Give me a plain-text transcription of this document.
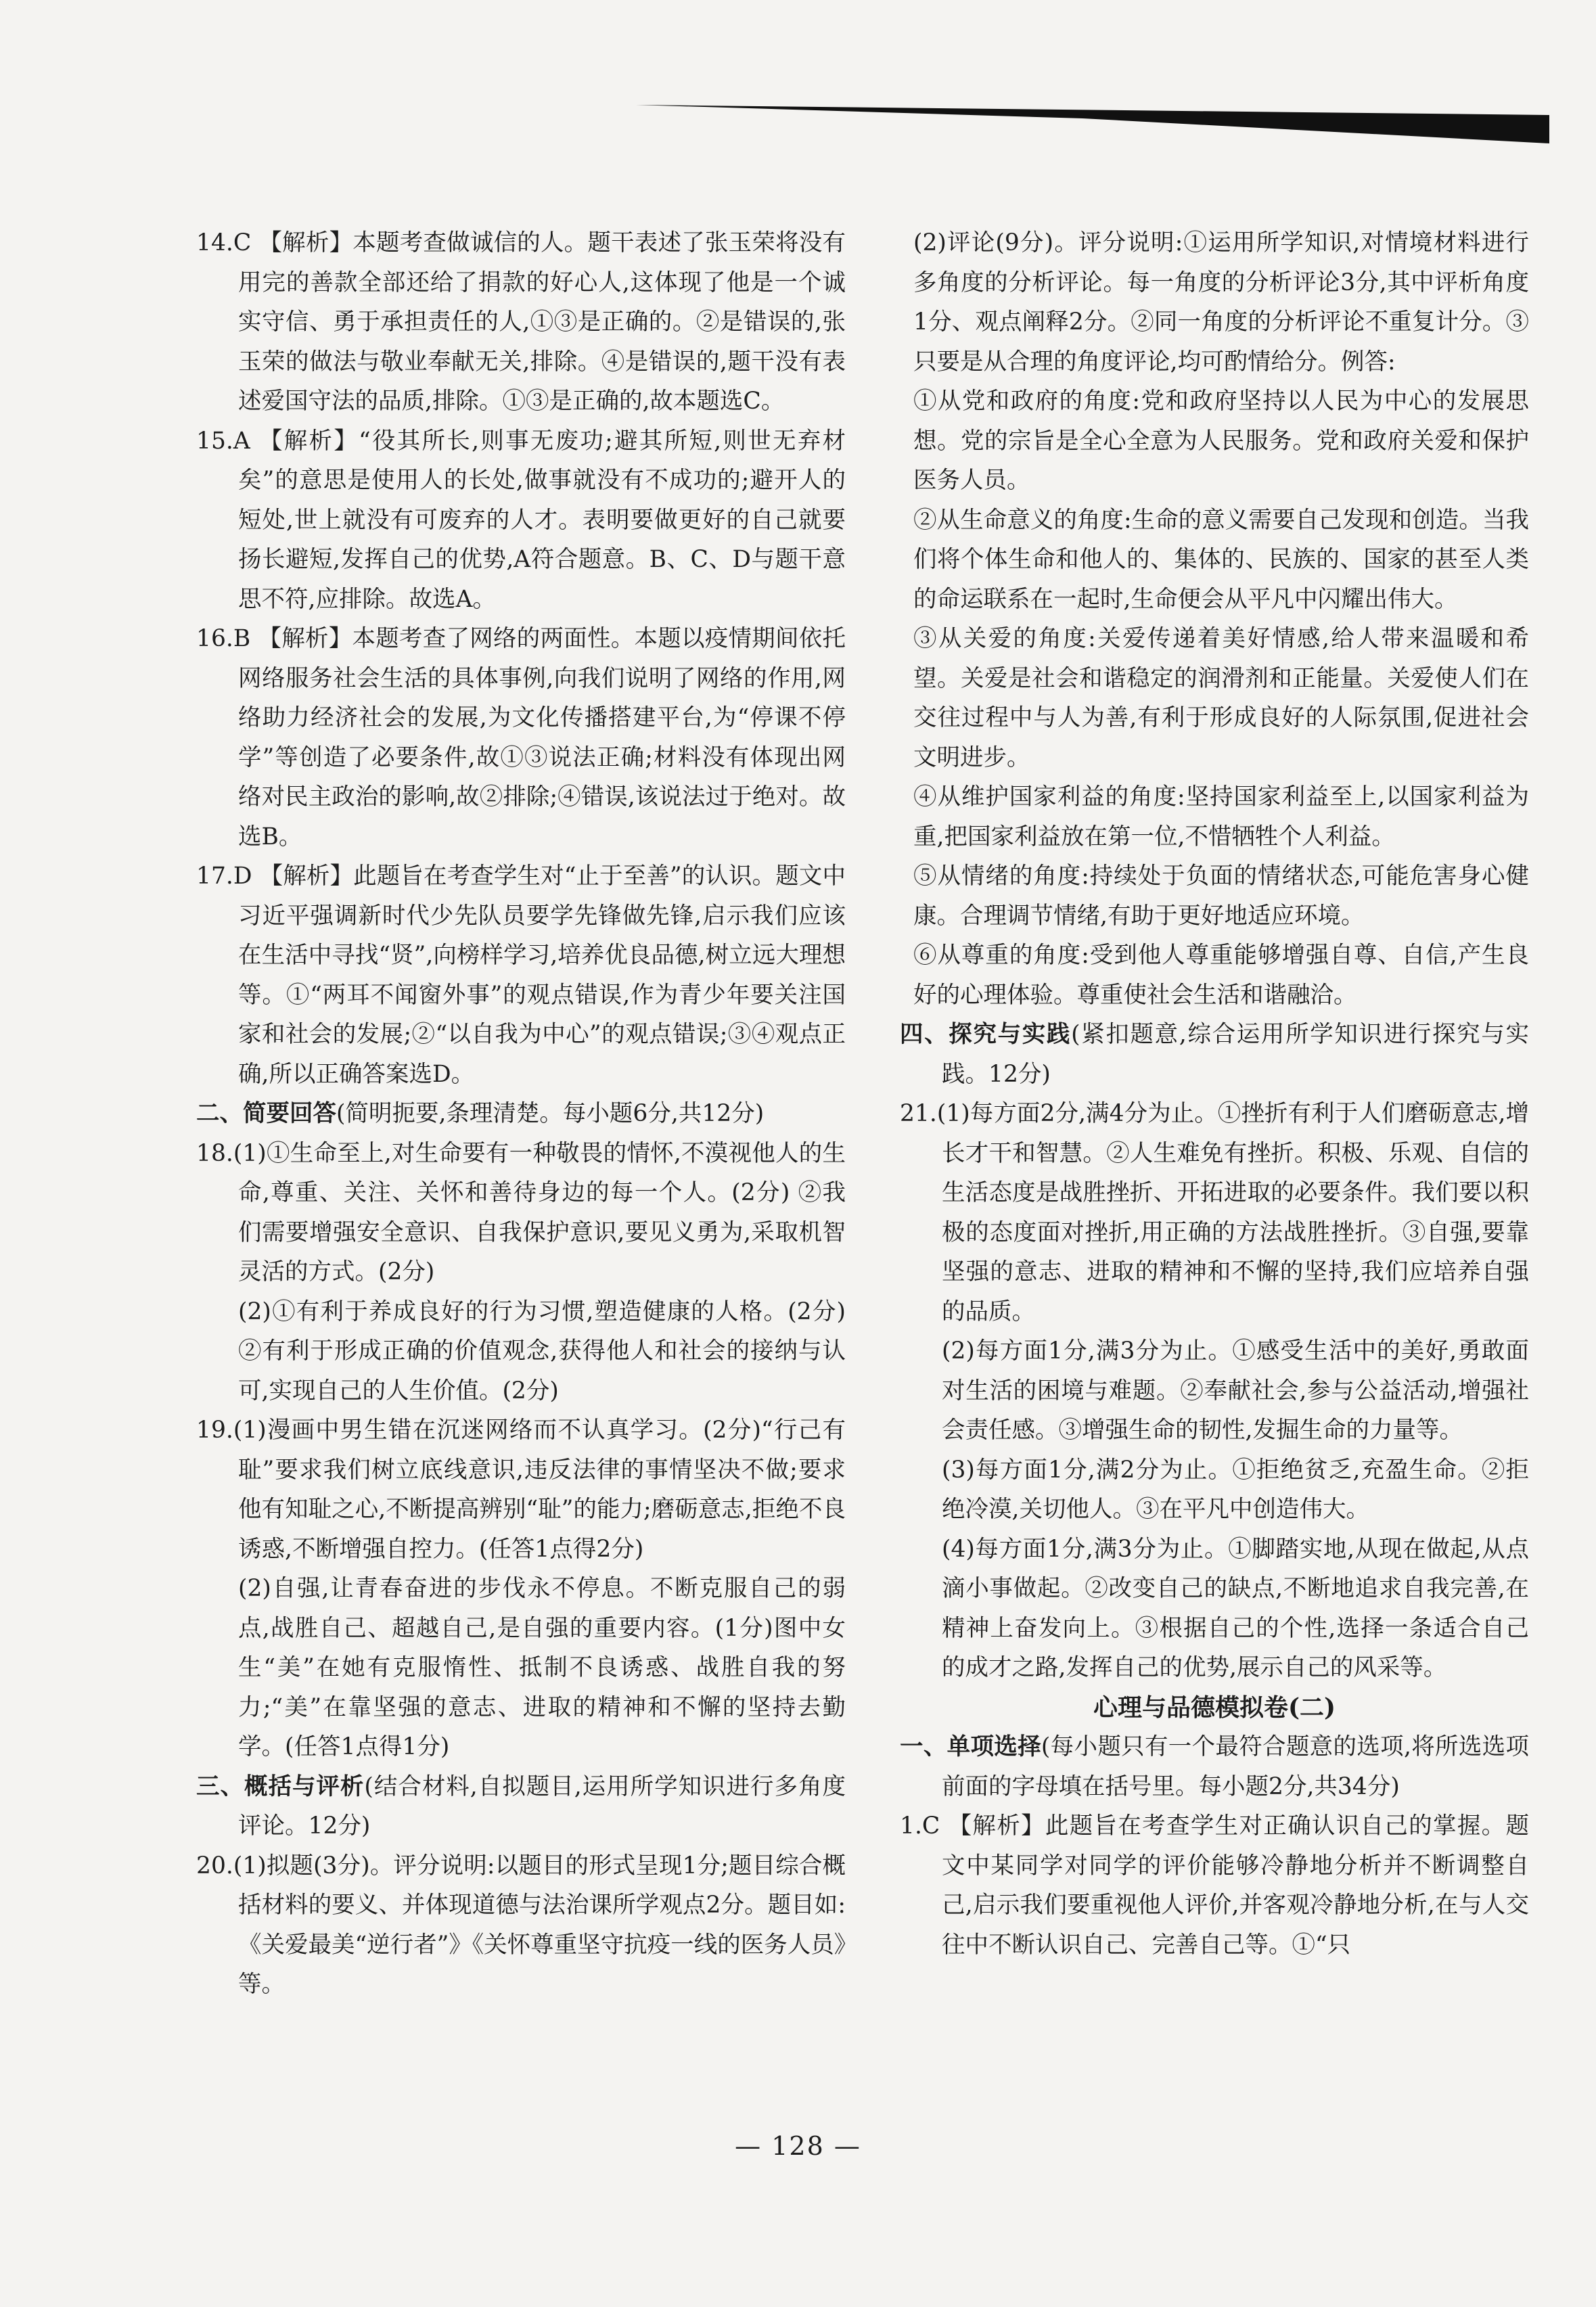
14.C 【解析】本题考查做诚信的人。题干表述了张玉荣将没有用完的善款全部还给了捐款的好心人,这体现了他是一个诚实守信、勇于承担责任的人,①③是正确的。②是错误的,张玉荣的做法与敬业奉献无关,排除。④是错误的,题干没有表述爱国守法的品质,排除。①③是正确的,故本题选C。

15.A 【解析】“役其所长,则事无废功;避其所短,则世无弃材矣”的意思是使用人的长处,做事就没有不成功的;避开人的短处,世上就没有可废弃的人才。表明要做更好的自己就要扬长避短,发挥自己的优势,A符合题意。B、C、D与题干意思不符,应排除。故选A。

16.B 【解析】本题考查了网络的两面性。本题以疫情期间依托网络服务社会生活的具体事例,向我们说明了网络的作用,网络助力经济社会的发展,为文化传播搭建平台,为“停课不停学”等创造了必要条件,故①③说法正确;材料没有体现出网络对民主政治的影响,故②排除;④错误,该说法过于绝对。故选B。

17.D 【解析】此题旨在考查学生对“止于至善”的认识。题文中习近平强调新时代少先队员要学先锋做先锋,启示我们应该在生活中寻找“贤”,向榜样学习,培养优良品德,树立远大理想等。①“两耳不闻窗外事”的观点错误,作为青少年要关注国家和社会的发展;②“以自我为中心”的观点错误;③④观点正确,所以正确答案选D。

二、简要回答(简明扼要,条理清楚。每小题6分,共12分)

18.(1)①生命至上,对生命要有一种敬畏的情怀,不漠视他人的生命,尊重、关注、关怀和善待身边的每一个人。(2分) ②我们需要增强安全意识、自我保护意识,要见义勇为,采取机智灵活的方式。(2分)

(2)①有利于养成良好的行为习惯,塑造健康的人格。(2分) ②有利于形成正确的价值观念,获得他人和社会的接纳与认可,实现自己的人生价值。(2分)

19.(1)漫画中男生错在沉迷网络而不认真学习。(2分)“行己有耻”要求我们树立底线意识,违反法律的事情坚决不做;要求他有知耻之心,不断提高辨别“耻”的能力;磨砺意志,拒绝不良诱惑,不断增强自控力。(任答1点得2分)

(2)自强,让青春奋进的步伐永不停息。不断克服自己的弱点,战胜自己、超越自己,是自强的重要内容。(1分)图中女生“美”在她有克服惰性、抵制不良诱惑、战胜自我的努力;“美”在靠坚强的意志、进取的精神和不懈的坚持去勤学。(任答1点得1分)

三、概括与评析(结合材料,自拟题目,运用所学知识进行多角度评论。12分)

20.(1)拟题(3分)。评分说明:以题目的形式呈现1分;题目综合概括材料的要义、并体现道德与法治课所学观点2分。题目如:《关爱最美“逆行者”》《关怀尊重坚守抗疫一线的医务人员》等。

(2)评论(9分)。评分说明:①运用所学知识,对情境材料进行多角度的分析评论。每一角度的分析评论3分,其中评析角度1分、观点阐释2分。②同一角度的分析评论不重复计分。③只要是从合理的角度评论,均可酌情给分。例答:

①从党和政府的角度:党和政府坚持以人民为中心的发展思想。党的宗旨是全心全意为人民服务。党和政府关爱和保护医务人员。

②从生命意义的角度:生命的意义需要自己发现和创造。当我们将个体生命和他人的、集体的、民族的、国家的甚至人类的命运联系在一起时,生命便会从平凡中闪耀出伟大。

③从关爱的角度:关爱传递着美好情感,给人带来温暖和希望。关爱是社会和谐稳定的润滑剂和正能量。关爱使人们在交往过程中与人为善,有利于形成良好的人际氛围,促进社会文明进步。

④从维护国家利益的角度:坚持国家利益至上,以国家利益为重,把国家利益放在第一位,不惜牺牲个人利益。

⑤从情绪的角度:持续处于负面的情绪状态,可能危害身心健康。合理调节情绪,有助于更好地适应环境。

⑥从尊重的角度:受到他人尊重能够增强自尊、自信,产生良好的心理体验。尊重使社会生活和谐融洽。

四、探究与实践(紧扣题意,综合运用所学知识进行探究与实践。12分)

21.(1)每方面2分,满4分为止。①挫折有利于人们磨砺意志,增长才干和智慧。②人生难免有挫折。积极、乐观、自信的生活态度是战胜挫折、开拓进取的必要条件。我们要以积极的态度面对挫折,用正确的方法战胜挫折。③自强,要靠坚强的意志、进取的精神和不懈的坚持,我们应培养自强的品质。

(2)每方面1分,满3分为止。①感受生活中的美好,勇敢面对生活的困境与难题。②奉献社会,参与公益活动,增强社会责任感。③增强生命的韧性,发掘生命的力量等。

(3)每方面1分,满2分为止。①拒绝贫乏,充盈生命。②拒绝冷漠,关切他人。③在平凡中创造伟大。

(4)每方面1分,满3分为止。①脚踏实地,从现在做起,从点滴小事做起。②改变自己的缺点,不断地追求自我完善,在精神上奋发向上。③根据自己的个性,选择一条适合自己的成才之路,发挥自己的优势,展示自己的风采等。

心理与品德模拟卷(二)

一、单项选择(每小题只有一个最符合题意的选项,将所选选项前面的字母填在括号里。每小题2分,共34分)

1.C 【解析】此题旨在考查学生对正确认识自己的掌握。题文中某同学对同学的评价能够冷静地分析并不断调整自己,启示我们要重视他人评价,并客观冷静地分析,在与人交往中不断认识自己、完善自己等。①“只

— 128 —
